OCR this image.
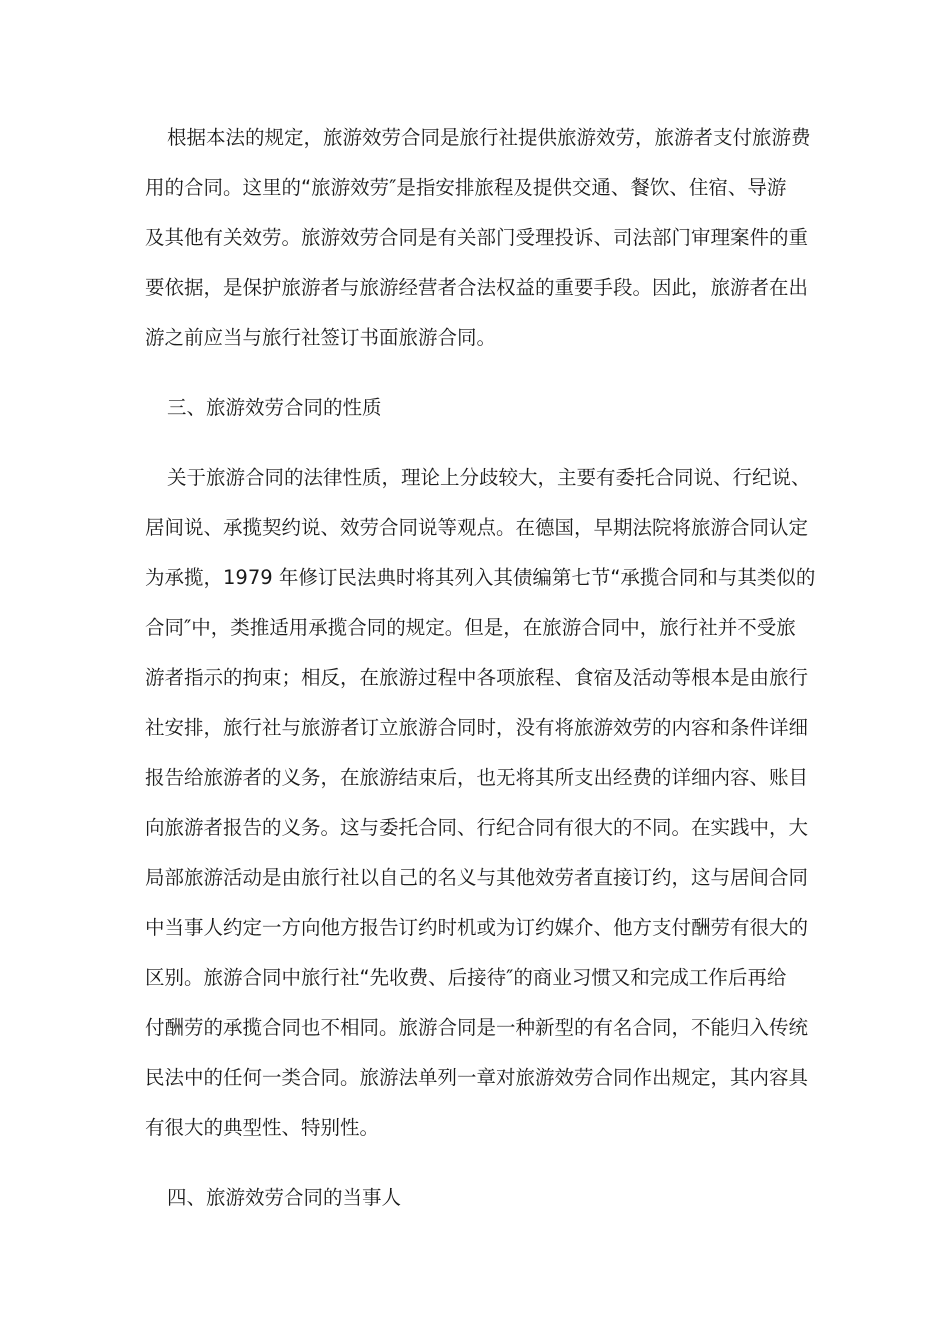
根据本法的规定，旅游效劳合同是旅行社提供旅游效劳，旅游者支付旅游费
用的合同。这里的“旅游效劳″是指安排旅程及提供交通、餐饮、住宿、导游
及其他有关效劳。旅游效劳合同是有关部门受理投诉、司法部门审理案件的重
要依据，是保护旅游者与旅游经营者合法权益的重要手段。因此，旅游者在出
游之前应当与旅行社签订书面旅游合同。
三、旅游效劳合同的性质
关于旅游合同的法律性质，理论上分歧较大，主要有委托合同说、行纪说、
居间说、承揽契约说、效劳合同说等观点。在德国，早期法院将旅游合同认定
为承揽，1979 年修订民法典时将其列入其债编第七节“承揽合同和与其类似的
合同″中，类推适用承揽合同的规定。但是，在旅游合同中，旅行社并不受旅
游者指示的拘束；相反，在旅游过程中各项旅程、食宿及活动等根本是由旅行
社安排，旅行社与旅游者订立旅游合同时，没有将旅游效劳的内容和条件详细
报告给旅游者的义务，在旅游结束后，也无将其所支出经费的详细内容、账目
向旅游者报告的义务。这与委托合同、行纪合同有很大的不同。在实践中，大
局部旅游活动是由旅行社以自己的名义与其他效劳者直接订约，这与居间合同
中当事人约定一方向他方报告订约时机或为订约媒介、他方支付酬劳有很大的
区别。旅游合同中旅行社“先收费、后接待″的商业习惯又和完成工作后再给
付酬劳的承揽合同也不相同。旅游合同是一种新型的有名合同，不能归入传统
民法中的任何一类合同。旅游法单列一章对旅游效劳合同作出规定，其内容具
有很大的典型性、特别性。
四、旅游效劳合同的当事人
